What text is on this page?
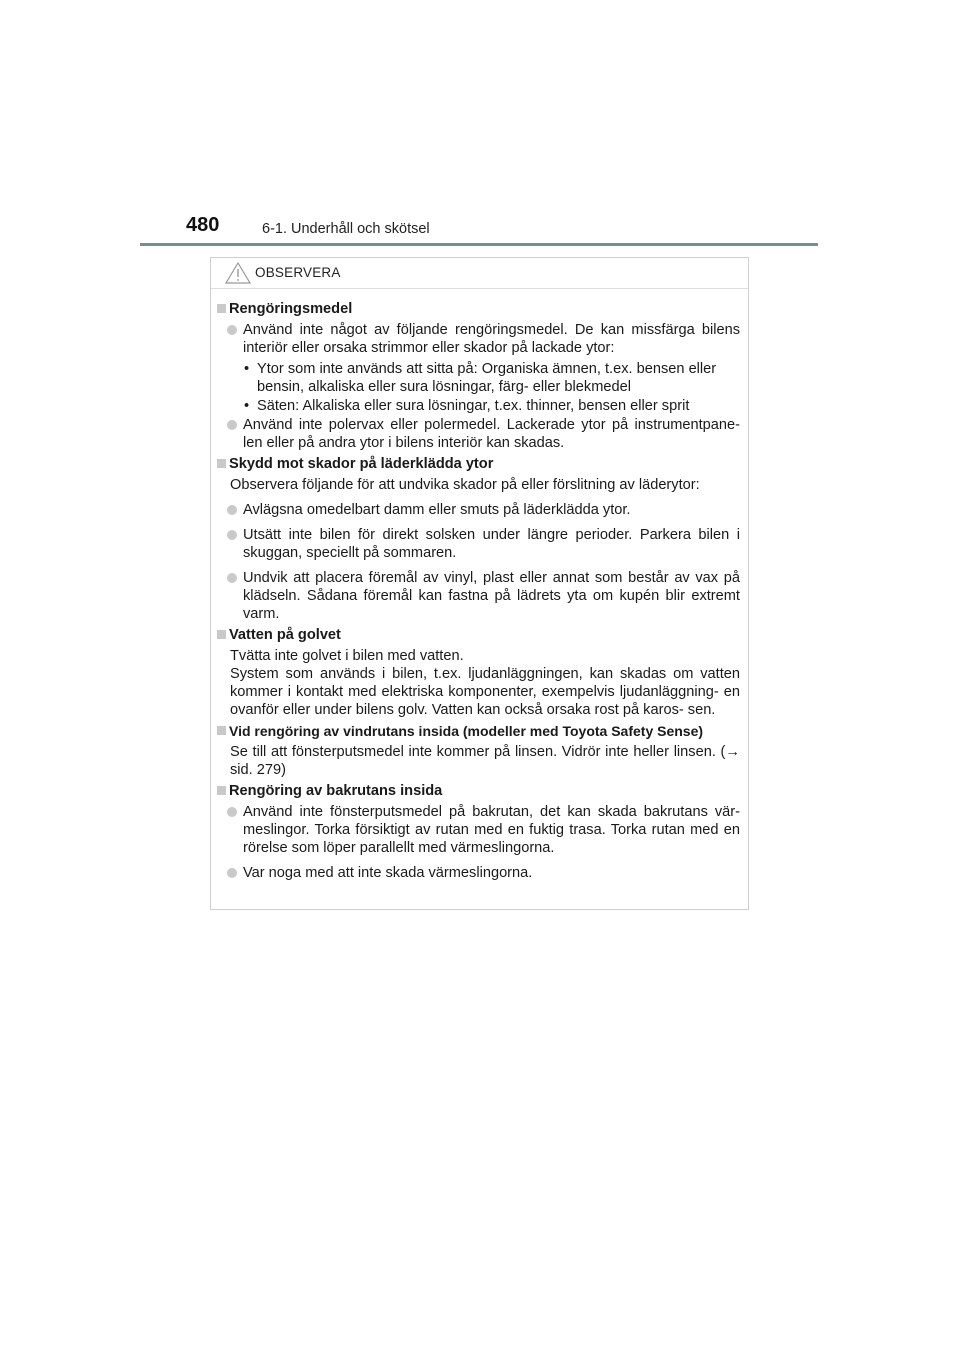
480	6-1. Underhåll och skötsel
OBSERVERA
Rengöringsmedel
Använd inte något av följande rengöringsmedel. De kan missfärga bilens interiör eller orsaka strimmor eller skador på lackade ytor:
• Ytor som inte används att sitta på: Organiska ämnen, t.ex. bensen eller bensin, alkaliska eller sura lösningar, färg- eller blekmedel
• Säten: Alkaliska eller sura lösningar, t.ex. thinner, bensen eller sprit
Använd inte polervax eller polermedel. Lackerade ytor på instrumentpane- len eller på andra ytor i bilens interiör kan skadas.
Skydd mot skador på läderklädda ytor
Observera följande för att undvika skador på eller förslitning av läderytor:
Avlägsna omedelbart damm eller smuts på läderklädda ytor.
Utsätt inte bilen för direkt solsken under längre perioder. Parkera bilen i skuggan, speciellt på sommaren.
Undvik att placera föremål av vinyl, plast eller annat som består av vax på klädseln. Sådana föremål kan fastna på lädrets yta om kupén blir extremt varm.
Vatten på golvet
Tvätta inte golvet i bilen med vatten.
System som används i bilen, t.ex. ljudanläggningen, kan skadas om vatten kommer i kontakt med elektriska komponenter, exempelvis ljudanläggning- en ovanför eller under bilens golv. Vatten kan också orsaka rost på karos- sen.
Vid rengöring av vindrutans insida (modeller med Toyota Safety Sense)
Se till att fönsterputsmedel inte kommer på linsen. Vidrör inte heller linsen. (→ sid. 279)
Rengöring av bakrutans insida
Använd inte fönsterputsmedel på bakrutan, det kan skada bakrutans vär- meslingor. Torka försiktigt av rutan med en fuktig trasa. Torka rutan med en rörelse som löper parallellt med värmeslingorna.
Var noga med att inte skada värmeslingorna.
